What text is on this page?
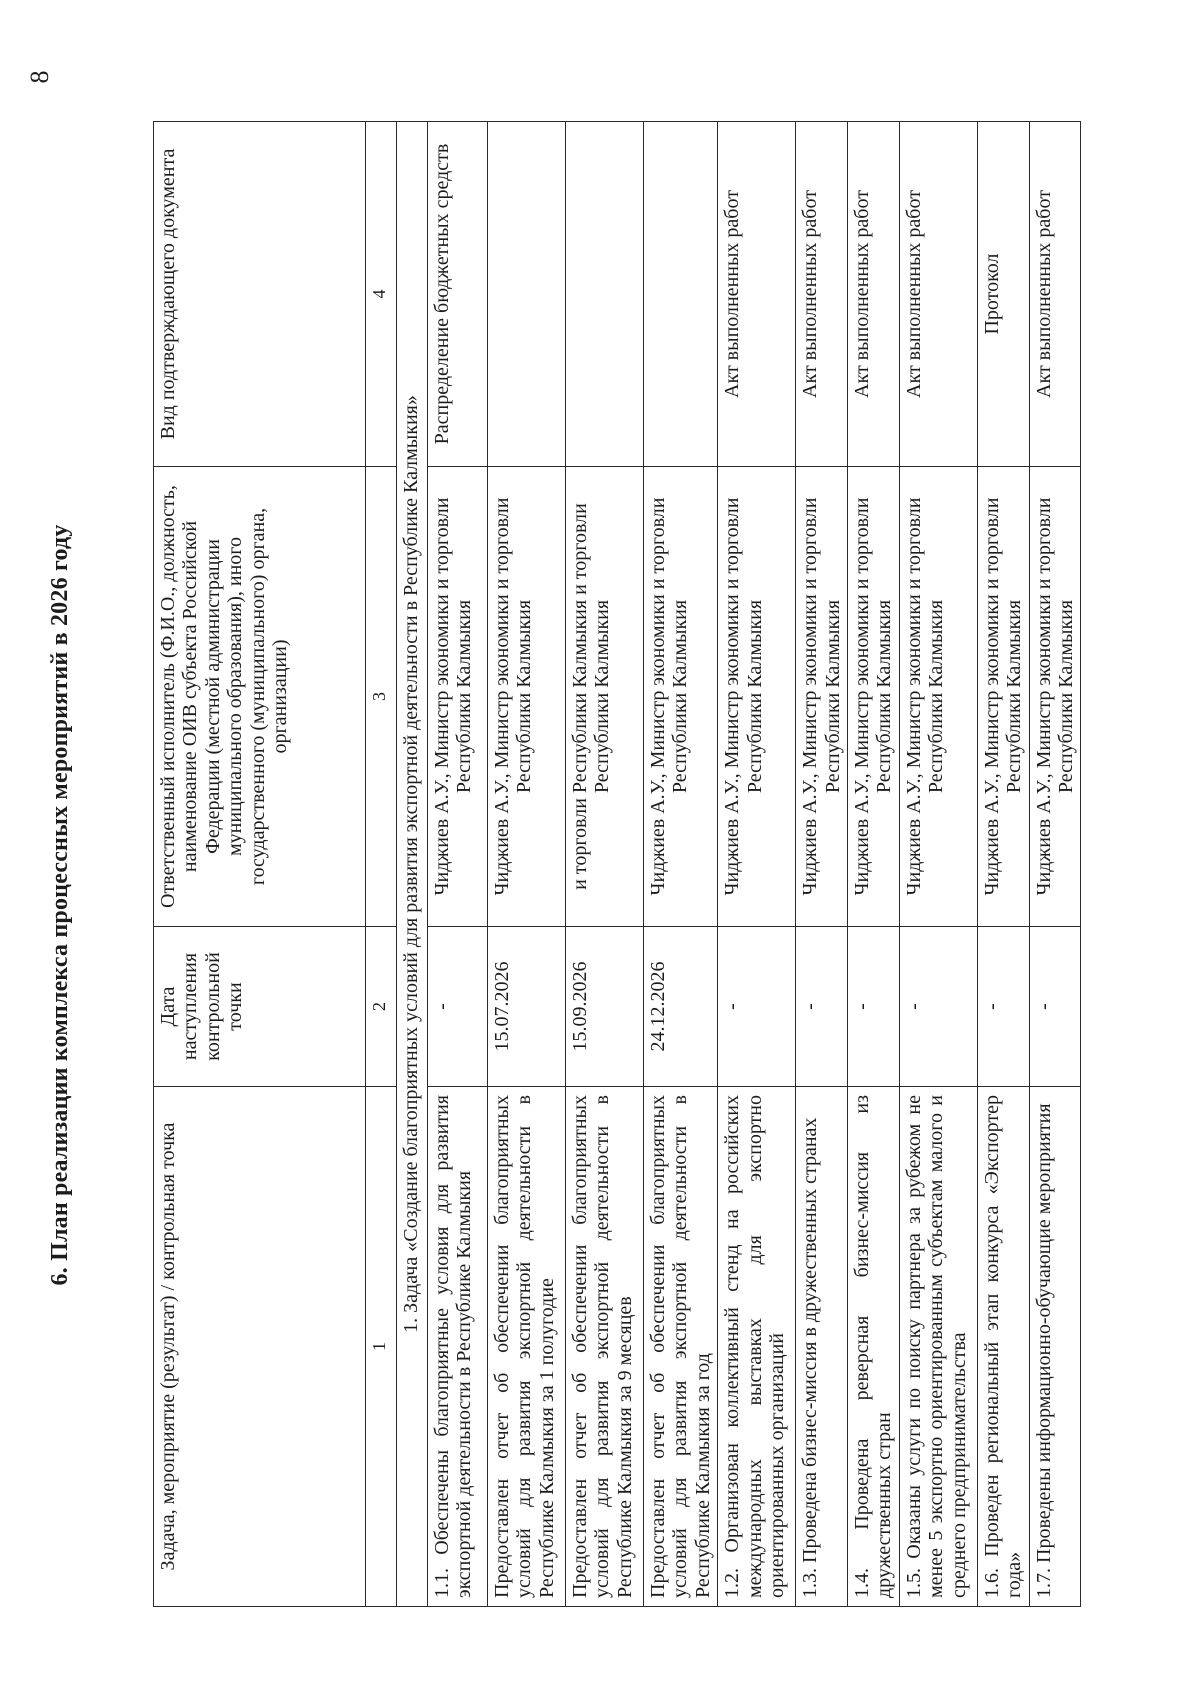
8
6. План реализации комплекса процессных мероприятий в 2026 году
Задача, мероприятие (результат) / контрольная точка	Дата наступления контрольной точки	Ответственный исполнитель (Ф.И.О., должность, наименование ОИВ субъекта Российской Федерации (местной администрации муниципального образования), иного государственного (муниципального) органа, организации)	Вид подтверждающего документа
1	2	3	4
1. Задача «Создание благоприятных условий для развития экспортной деятельности в Республике Калмыкия»			
1.1. Обеспечены благоприятные условия для развития экспортной деятельности в Республике Калмыкия	-	Чиджиев А.У., Министр экономики и торговли Республики Калмыкия	Распределение бюджетных средств
Предоставлен отчет об обеспечении благоприятных условий для развития экспортной деятельности в Республике Калмыкия за 1 полугодие	15.07.2026	Чиджиев А.У., Министр экономики и торговли Республики Калмыкия	
Предоставлен отчет об обеспечении благоприятных условий для развития экспортной деятельности в Республике Калмыкия за 9 месяцев	15.09.2026	и торговли Республики Калмыкия и торговли Республики Калмыкия	
Предоставлен отчет об обеспечении благоприятных условий для развития экспортной деятельности в Республике Калмыкия за год	24.12.2026	Чиджиев А.У., Министр экономики и торговли Республики Калмыкия	
1.2. Организован коллективный стенд на российских международных выставках для экспортно ориентированных организаций	-	Чиджиев А.У., Министр экономики и торговли Республики Калмыкия	Акт выполненных работ
1.3. Проведена бизнес-миссия в дружественных странах	-	Чиджиев А.У., Министр экономики и торговли Республики Калмыкия	Акт выполненных работ
1.4. Проведена реверсная бизнес-миссия из дружественных стран	-	Чиджиев А.У., Министр экономики и торговли Республики Калмыкия	Акт выполненных работ
1.5. Оказаны услуги по поиску партнера за рубежом не менее 5 экспортно ориентированным субъектам малого и среднего предпринимательства	-	Чиджиев А.У., Министр экономики и торговли Республики Калмыкия	Акт выполненных работ
1.6. Проведен региональный этап конкурса «Экспортер года»	-	Чиджиев А.У., Министр экономики и торговли Республики Калмыкия	Протокол
1.7. Проведены информационно-обучающие мероприятия	-	Чиджиев А.У., Министр экономики и торговли Республики Калмыкия	Акт выполненных работ
